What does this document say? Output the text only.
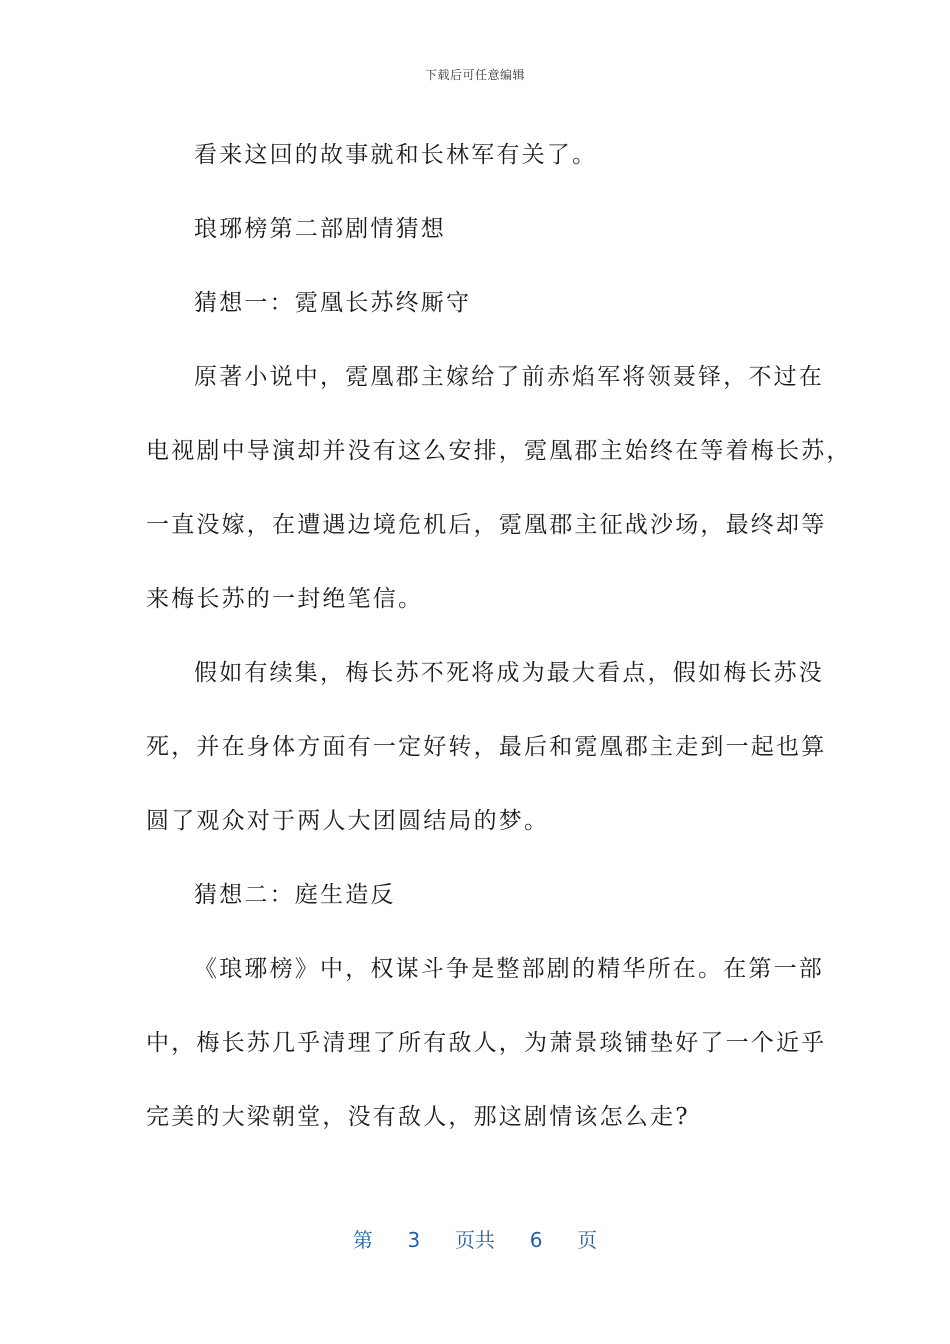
下载后可任意编辑

看来这回的故事就和长林军有关了。

琅琊榜第二部剧情猜想

猜想一：霓凰长苏终厮守

原著小说中，霓凰郡主嫁给了前赤焰军将领聂铎，不过在

电视剧中导演却并没有这么安排，霓凰郡主始终在等着梅长苏，

一直没嫁，在遭遇边境危机后，霓凰郡主征战沙场，最终却等

来梅长苏的一封绝笔信。

假如有续集，梅长苏不死将成为最大看点，假如梅长苏没

死，并在身体方面有一定好转，最后和霓凰郡主走到一起也算

圆了观众对于两人大团圆结局的梦。

猜想二：庭生造反

《琅琊榜》中，权谋斗争是整部剧的精华所在。在第一部

中，梅长苏几乎清理了所有敌人，为萧景琰铺垫好了一个近乎

完美的大梁朝堂，没有敌人，那这剧情该怎么走?

第 3 页共 6 页
